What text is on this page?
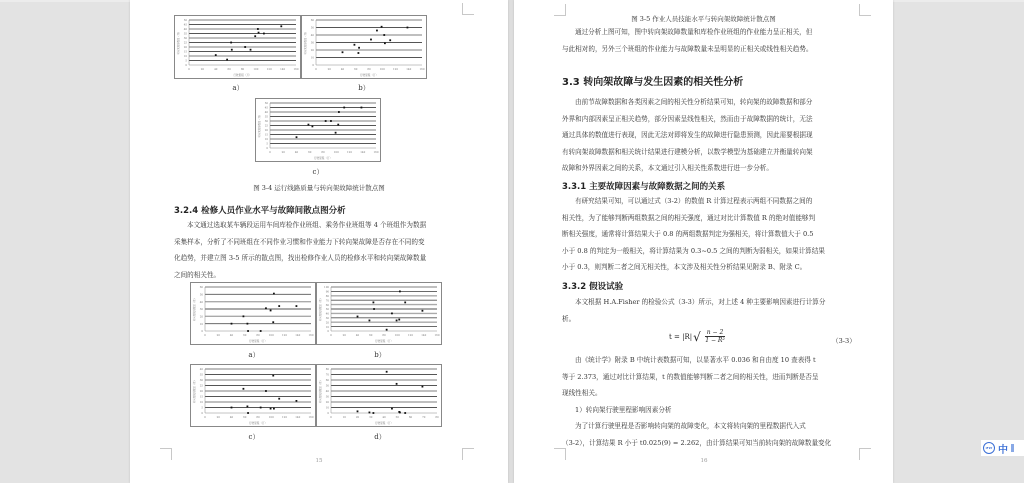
0
5
10
15
20
25
30
35
40
45
50
0	20	40	60	80	100	120	140	160
行驶里程（万）
转向架故障数量（件）
0
10
20
30
40
50
60
0	20	40	60	80	100	120	140	160
行驶里程（万）
转向架故障数量（件）
a）	b）
0
5
10
15
20
25
30
35
40
45
50
0	20	40	60	80	100	120	140	160
行驶里程（万）
转向架故障数量（件）
c）
图 3-4 运行线路质量与转向架故障统计散点图
3.2.4 检修人员作业水平与故障间散点图分析

本文通过选取某车辆段运用车间库检作业班组、乘务作业班组等 4 个班组作为数据

采集样本，分析了不同班组在不同作业习惯和作业能力下转向架故障是否存在不同的变

化趋势，并建立图 3-5 所示的散点图，找出检修作业人员的检修水平和转向架故障数量

之间的相关性。

0
10
20
30
40
50
60
0	20	40	60	80	100	120	140	160
行驶里程（万）
转向架故障数量（件）
0
10
20
30
40
50
60
70
80
90
100
0	20	40	60	80	100	120	140	160
行驶里程（万）
转向架故障数量（件）
a）	b）
0
5
10
15
20
25
30
35
40
0	20	40	60	80	100	120	140	160
行驶里程（万）
转向架故障数量（件）
0
10
20
30
40
50
60
70
80
0	10	20	30	40	50	60	70	80
行驶里程（万）
转向架故障数量（件）
c）	d）
15
图 3-5 作业人员技能水平与转向架故障统计散点图

通过分析上图可知，图中转向架故障数量和库检作业班组的作业能力呈正相关，但

与此相对的，另外三个班组的作业能力与故障数量未呈明显的正相关或线性相关趋势。

3.3 转向架故障与发生因素的相关性分析

由前节故障数据和各类因素之间的相关性分析结果可知，转向架的故障数据和部分

外界和内部因素呈正相关趋势，部分因素呈线性相关，然而由于故障数据的统计，无法

通过具体的数值进行表现，因此无法对即将发生的故障进行隐患预测，因此需要根据现

有转向架故障数据和相关统计结果进行建模分析，以数学模型为基础建立并衡量转向架

故障和外界因素之间的关系，本文通过引入相关性系数进行进一步分析。

3.3.1 主要故障因素与故障数据之间的关系

有研究结果可知，可以通过式（3-2）的数值 R 计算过程表示两组不同数据之间的

相关性，为了能够判断两组数据之间的相关强度，通过对比计算数值 R 的绝对值能够判

断相关强度，通常将计算结果大于 0.8 的两组数据判定为强相关，将计算数值大于 0.5

小于 0.8 的判定为一般相关，将计算结果为 0.3~0.5 之间的判断为弱相关，如果计算结果

小于 0.3，则判断二者之间无相关性，本文涉及相关性分析结果见附录 B、附录 C。

3.3.2 假设试验

本文根据 H.A.Fisher 的检验公式（3-3）所示，对上述 4 种主要影响因素进行计算分

析。

t = |R| √ $\frac{n - 2}{\text{1 − R²}}$	（3-3）

由《统计学》附录 B 中统计表数据可知，以显著水平 0.036 和自由度 10 查表得 t

等于 2.373，通过对比计算结果，t 的数值能够判断二者之间的相关性，进而判断是否呈

现线性相关。

1）转向架行驶里程影响因素分析

为了计算行驶里程是否影响转向架的故障变化，本文将转向架的里程数据代入式

（3-2），计算结果 R 小于 t0.025(9) = 2.262，由计算结果可知当前转向架的故障数量变化

16
iFLY 中
